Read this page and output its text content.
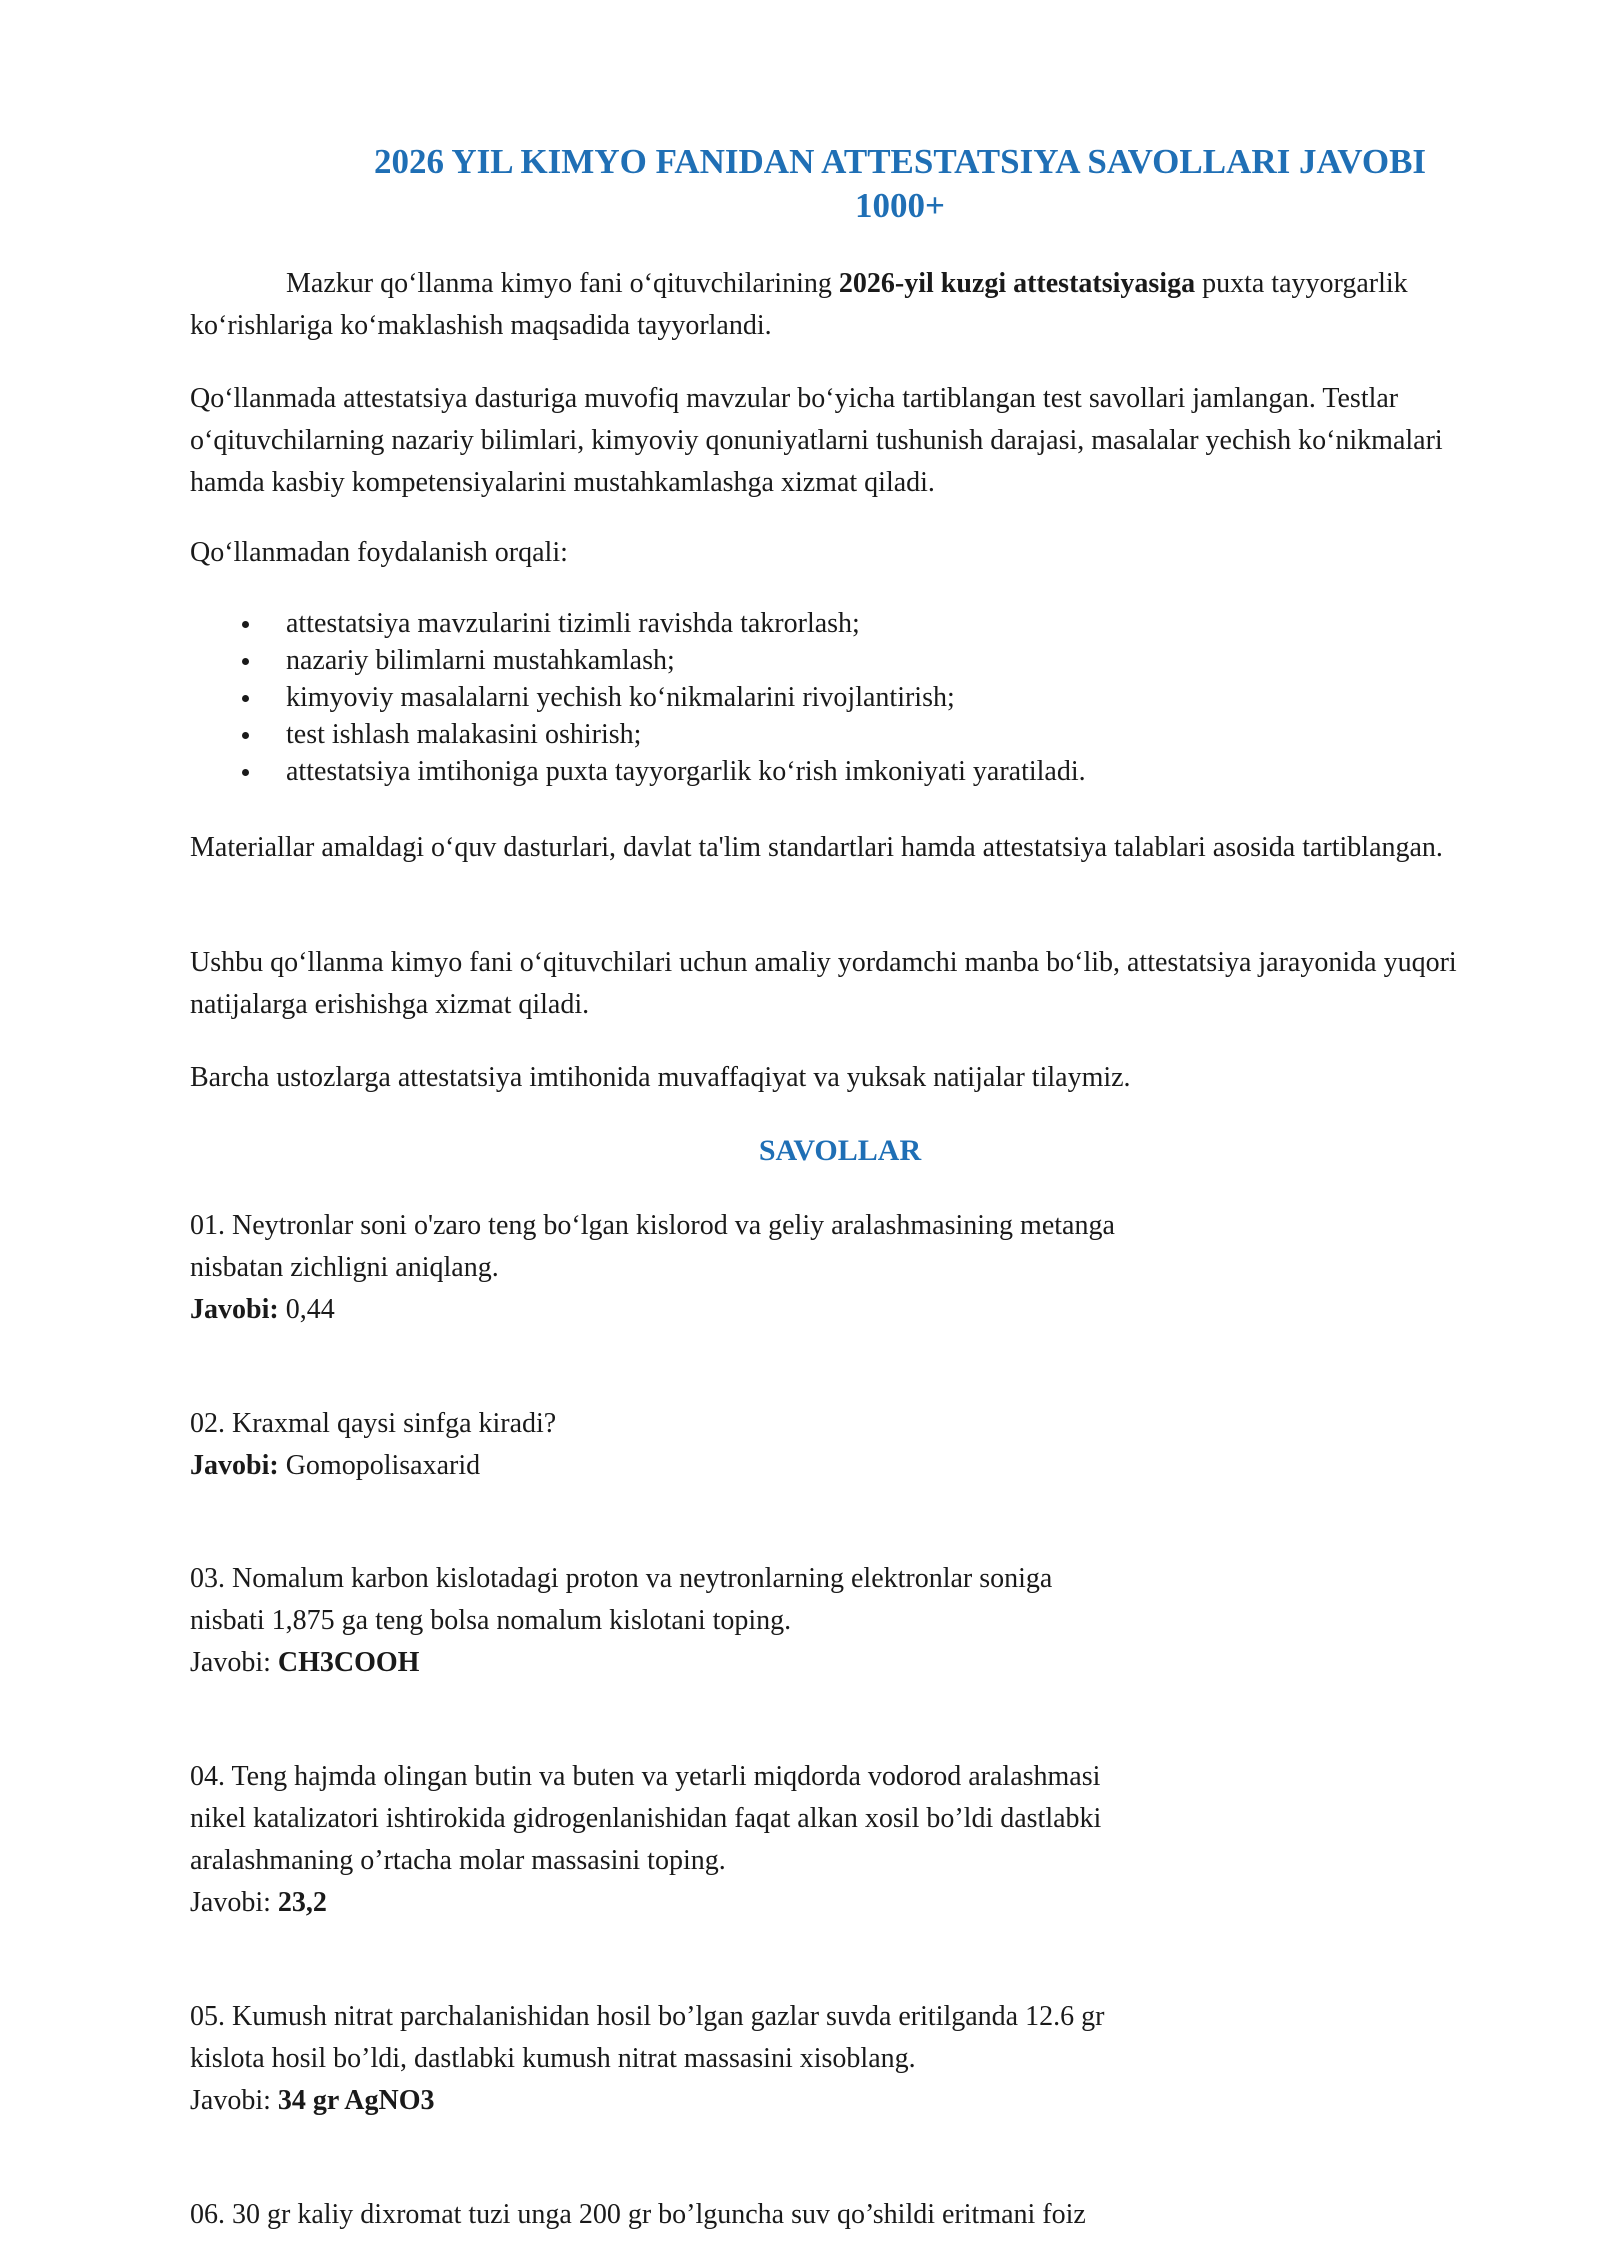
2026 YIL KIMYO FANIDAN ATTESTATSIYA SAVOLLARI JAVOBI
1000+

Mazkur qo‘llanma kimyo fani o‘qituvchilarining 2026-yil kuzgi attestatsiyasiga puxta tayyorgarlik ko‘rishlariga ko‘maklashish maqsadida tayyorlandi.

Qo‘llanmada attestatsiya dasturiga muvofiq mavzular bo‘yicha tartiblangan test savollari jamlangan. Testlar o‘qituvchilarning nazariy bilimlari, kimyoviy qonuniyatlarni tushunish darajasi, masalalar yechish ko‘nikmalari hamda kasbiy kompetensiyalarini mustahkamlashga xizmat qiladi.

Qo‘llanmadan foydalanish orqali:

attestatsiya mavzularini tizimli ravishda takrorlash;
nazariy bilimlarni mustahkamlash;
kimyoviy masalalarni yechish ko‘nikmalarini rivojlantirish;
test ishlash malakasini oshirish;
attestatsiya imtihoniga puxta tayyorgarlik ko‘rish imkoniyati yaratiladi.

Materiallar amaldagi o‘quv dasturlari, davlat ta'lim standartlari hamda attestatsiya talablari asosida tartiblangan.

Ushbu qo‘llanma kimyo fani o‘qituvchilari uchun amaliy yordamchi manba bo‘lib, attestatsiya jarayonida yuqori natijalarga erishishga xizmat qiladi.

Barcha ustozlarga attestatsiya imtihonida muvaffaqiyat va yuksak natijalar tilaymiz.

SAVOLLAR
01. Neytronlar soni o'zaro teng bo‘lgan kislorod va geliy aralashmasining metanga
nisbatan zichligni aniqlang.
Javobi: 0,44
02. Kraxmal qaysi sinfga kiradi?
Javobi: Gomopolisaxarid
03. Nomalum karbon kislotadagi proton va neytronlarning elektronlar soniga
nisbati 1,875 ga teng bolsa nomalum kislotani toping.
Javobi: CH3COOH
04. Teng hajmda olingan butin va buten va yetarli miqdorda vodorod aralashmasi
nikel katalizatori ishtirokida gidrogenlanishidan faqat alkan xosil bo’ldi dastlabki
aralashmaning o’rtacha molar massasini toping.
Javobi: 23,2
05. Kumush nitrat parchalanishidan hosil bo’lgan gazlar suvda eritilganda 12.6 gr
kislota hosil bo’ldi, dastlabki kumush nitrat massasini xisoblang.
Javobi: 34 gr AgNO3
06. 30 gr kaliy dixromat tuzi unga 200 gr bo’lguncha suv qo’shildi eritmani foiz
